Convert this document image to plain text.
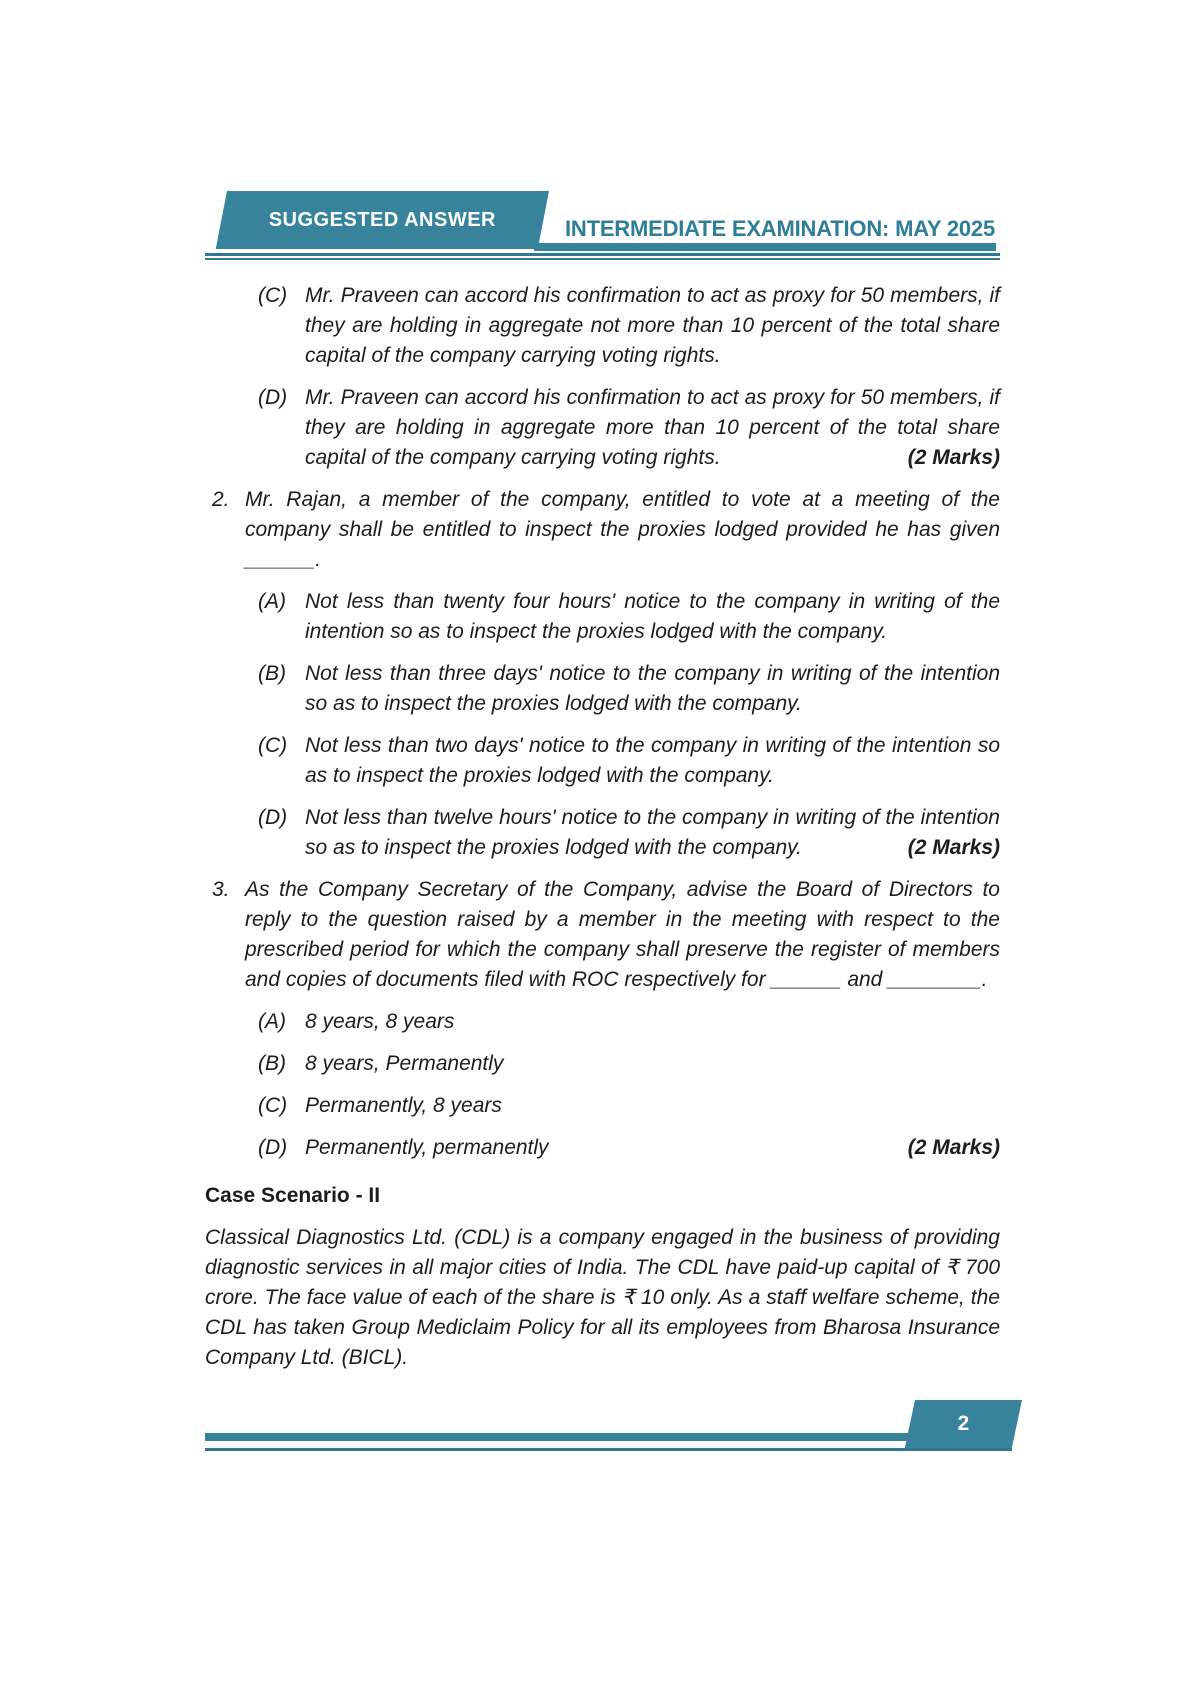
SUGGESTED ANSWER	INTERMEDIATE EXAMINATION: MAY 2025

(C) Mr. Praveen can accord his confirmation to act as proxy for 50 members, if they are holding in aggregate not more than 10 percent of the total share capital of the company carrying voting rights.

(D) Mr. Praveen can accord his confirmation to act as proxy for 50 members, if they are holding in aggregate more than 10 percent of the total share capital of the company carrying voting rights.	(2 Marks)

2. Mr. Rajan, a member of the company, entitled to vote at a meeting of the company shall be entitled to inspect the proxies lodged provided he has given ______.

(A) Not less than twenty four hours' notice to the company in writing of the intention so as to inspect the proxies lodged with the company.

(B) Not less than three days' notice to the company in writing of the intention so as to inspect the proxies lodged with the company.

(C) Not less than two days' notice to the company in writing of the intention so as to inspect the proxies lodged with the company.

(D) Not less than twelve hours' notice to the company in writing of the intention so as to inspect the proxies lodged with the company.	(2 Marks)

3. As the Company Secretary of the Company, advise the Board of Directors to reply to the question raised by a member in the meeting with respect to the prescribed period for which the company shall preserve the register of members and copies of documents filed with ROC respectively for ______ and ________.

(A) 8 years, 8 years

(B) 8 years, Permanently

(C) Permanently, 8 years

(D) Permanently, permanently	(2 Marks)

Case Scenario - II

Classical Diagnostics Ltd. (CDL) is a company engaged in the business of providing diagnostic services in all major cities of India. The CDL have paid-up capital of ₹ 700 crore. The face value of each of the share is ₹ 10 only. As a staff welfare scheme, the CDL has taken Group Mediclaim Policy for all its employees from Bharosa Insurance Company Ltd. (BICL).

2
